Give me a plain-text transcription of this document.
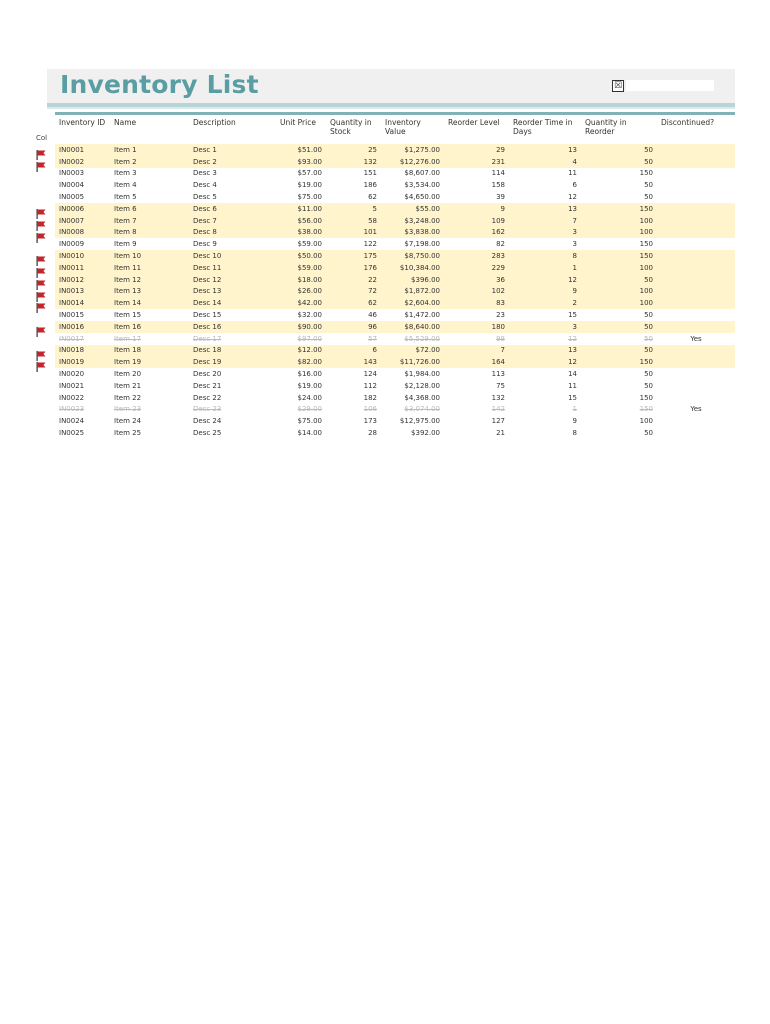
Inventory List	☒
Col
Inventory ID	Name	Description	Unit Price	Quantity in Stock	Inventory Value	Reorder Level	Reorder Time in Days	Quantity in Reorder	Discontinued?
IN0001	Item 1	Desc 1	$51.00	25	$1,275.00	29	13	50	
IN0002	Item 2	Desc 2	$93.00	132	$12,276.00	231	4	50	
IN0003	Item 3	Desc 3	$57.00	151	$8,607.00	114	11	150	
IN0004	Item 4	Desc 4	$19.00	186	$3,534.00	158	6	50	
IN0005	Item 5	Desc 5	$75.00	62	$4,650.00	39	12	50	
IN0006	Item 6	Desc 6	$11.00	5	$55.00	9	13	150	
IN0007	Item 7	Desc 7	$56.00	58	$3,248.00	109	7	100	
IN0008	Item 8	Desc 8	$38.00	101	$3,838.00	162	3	100	
IN0009	Item 9	Desc 9	$59.00	122	$7,198.00	82	3	150	
IN0010	Item 10	Desc 10	$50.00	175	$8,750.00	283	8	150	
IN0011	Item 11	Desc 11	$59.00	176	$10,384.00	229	1	100	
IN0012	Item 12	Desc 12	$18.00	22	$396.00	36	12	50	
IN0013	Item 13	Desc 13	$26.00	72	$1,872.00	102	9	100	
IN0014	Item 14	Desc 14	$42.00	62	$2,604.00	83	2	100	
IN0015	Item 15	Desc 15	$32.00	46	$1,472.00	23	15	50	
IN0016	Item 16	Desc 16	$90.00	96	$8,640.00	180	3	50	
IN0017	Item 17	Desc 17	$97.00	57	$5,529.00	98	12	50	Yes
IN0018	Item 18	Desc 18	$12.00	6	$72.00	7	13	50	
IN0019	Item 19	Desc 19	$82.00	143	$11,726.00	164	12	150	
IN0020	Item 20	Desc 20	$16.00	124	$1,984.00	113	14	50	
IN0021	Item 21	Desc 21	$19.00	112	$2,128.00	75	11	50	
IN0022	Item 22	Desc 22	$24.00	182	$4,368.00	132	15	150	
IN0023	Item 23	Desc 23	$29.00	106	$3,074.00	142	1	150	Yes
IN0024	Item 24	Desc 24	$75.00	173	$12,975.00	127	9	100	
IN0025	Item 25	Desc 25	$14.00	28	$392.00	21	8	50	
